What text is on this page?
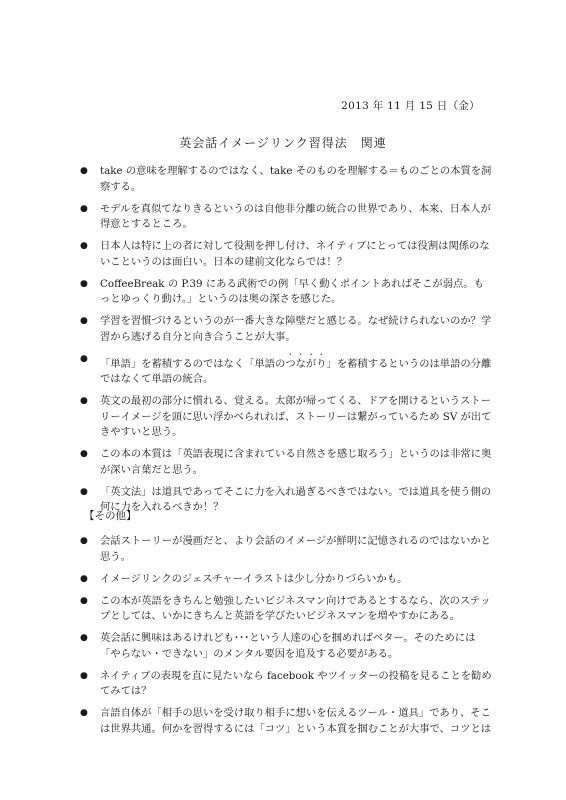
2013 年 11 月 15 日（金）
英会話イメージリンク習得法　関連
● take の意味を理解するのではなく、take そのものを理解する＝ものごとの本質を洞察する。
● モデルを真似てなりきるというのは自他非分離の統合の世界であり、本来、日本人が得意とするところ。
● 日本人は特に上の者に対して役割を押し付け、ネイティブにとっては役割は関係のないこというのは面白い。日本の建前文化ならでは！？
● CoffeeBreak の P.39 にある武術での例「早く動くポイントあればそこが弱点。もっとゆっくり動け。」というのは奥の深さを感じた。
● 学習を習慣づけるというのが一番大きな障壁だと感じる。なぜ続けられないのか？学習から逃げる自分と向き合うことが大事。
● 「単語」を蓄積するのではなく「単語のつながり」を蓄積するというのは単語の分離ではなくて単語の統合。
● 英文の最初の部分に慣れる、覚える。太郎が帰ってくる、ドアを開けるというストーリーイメージを頭に思い浮かべられれば、ストーリーは繋がっているため SV が出てきやすいと思う。
● この本の本質は「英語表現に含まれている自然さを感じ取ろう」というのは非常に奥が深い言葉だと思う。
● 「英文法」は道具であってそこに力を入れ過ぎるべきではない。では道具を使う側の何に力を入れるべきか！？
【その他】
● 会話ストーリーが漫画だと、より会話のイメージが鮮明に記憶されるのではないかと思う。
● イメージリンクのジェスチャーイラストは少し分かりづらいかも。
● この本が英語をきちんと勉強したいビジネスマン向けであるとするなら、次のステップとしては、いかにきちんと英語を学びたいビジネスマンを増やすかにある。
● 英会話に興味はあるけれども･･･という人達の心を掴めればベター。そのためには「やらない・できない」のメンタル要因を追及する必要がある。
● ネイティブの表現を直に見たいなら facebook やツイッターの投稿を見ることを勧めてみては？
● 言語自体が「相手の思いを受け取り相手に想いを伝えるツール・道具」であり、そこは世界共通。何かを習得するには「コツ」という本質を掴むことが大事で、コツとは
